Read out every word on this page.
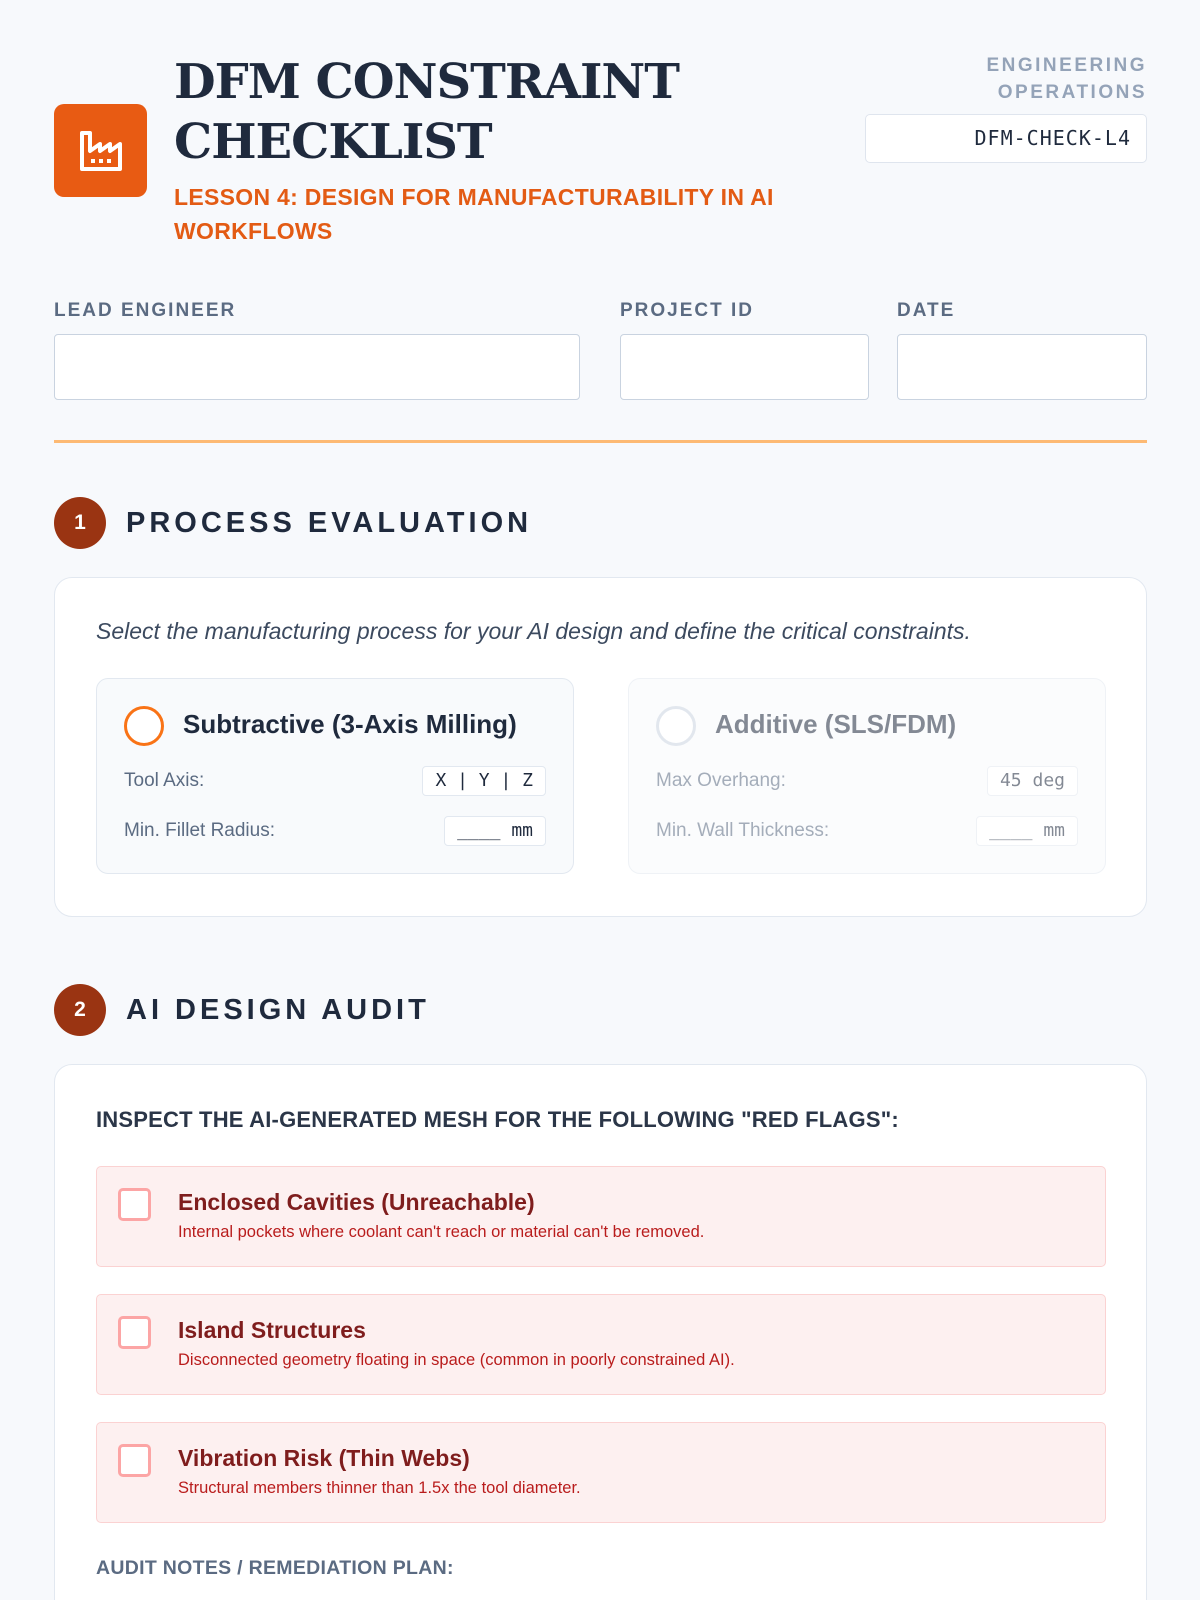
DFM CONSTRAINT CHECKLIST
LESSON 4: DESIGN FOR MANUFACTURABILITY IN AI WORKFLOWS
ENGINEERING
OPERATIONS
DFM-CHECK-L4
LEAD ENGINEER	PROJECT ID	DATE
1	PROCESS EVALUATION
Select the manufacturing process for your AI design and define the critical constraints.
Subtractive (3-Axis Milling)
Tool Axis:	X | Y | Z
Min. Fillet Radius:	____ mm
Additive (SLS/FDM)
Max Overhang:	45 deg
Min. Wall Thickness:	____ mm
2	AI DESIGN AUDIT
INSPECT THE AI-GENERATED MESH FOR THE FOLLOWING "RED FLAGS":
Enclosed Cavities (Unreachable)
Internal pockets where coolant can't reach or material can't be removed.
Island Structures
Disconnected geometry floating in space (common in poorly constrained AI).
Vibration Risk (Thin Webs)
Structural members thinner than 1.5x the tool diameter.
AUDIT NOTES / REMEDIATION PLAN:
